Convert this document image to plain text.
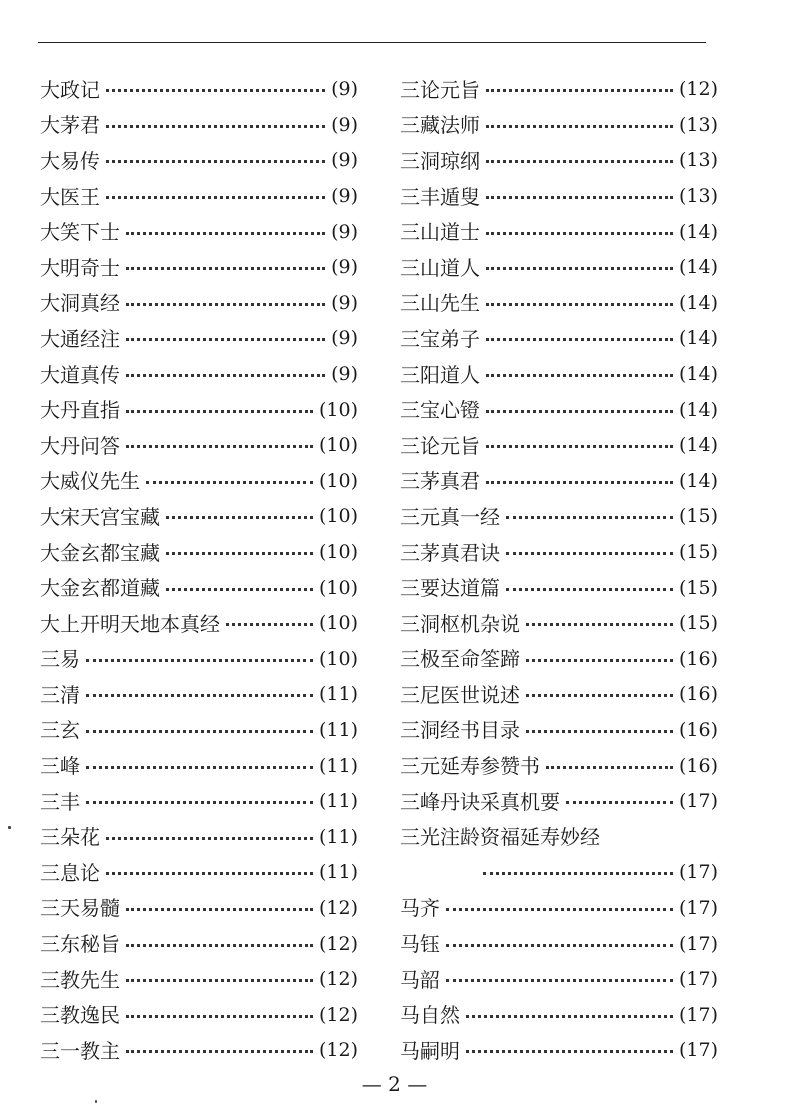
大政记	(9)
大茅君	(9)
大易传	(9)
大医王	(9)
大笑下士	(9)
大明奇士	(9)
大洞真经	(9)
大通经注	(9)
大道真传	(9)
大丹直指	(10)
大丹问答	(10)
大威仪先生	(10)
大宋天宫宝藏	(10)
大金玄都宝藏	(10)
大金玄都道藏	(10)
大上开明天地本真经	(10)
三易	(10)
三清	(11)
三玄	(11)
三峰	(11)
三丰	(11)
三朵花	(11)
三息论	(11)
三天易髓	(12)
三东秘旨	(12)
三教先生	(12)
三教逸民	(12)
三一教主	(12)
三论元旨	(12)
三藏法师	(13)
三洞琼纲	(13)
三丰遁叟	(13)
三山道士	(14)
三山道人	(14)
三山先生	(14)
三宝弟子	(14)
三阳道人	(14)
三宝心镫	(14)
三论元旨	(14)
三茅真君	(14)
三元真一经	(15)
三茅真君诀	(15)
三要达道篇	(15)
三洞枢机杂说	(15)
三极至命筌蹄	(16)
三尼医世说述	(16)
三洞经书目录	(16)
三元延寿参赞书	(16)
三峰丹诀采真机要	(17)
三光注龄资福延寿妙经
(17)
马齐	(17)
马钰	(17)
马韶	(17)
马自然	(17)
马嗣明	(17)
— 2 —
